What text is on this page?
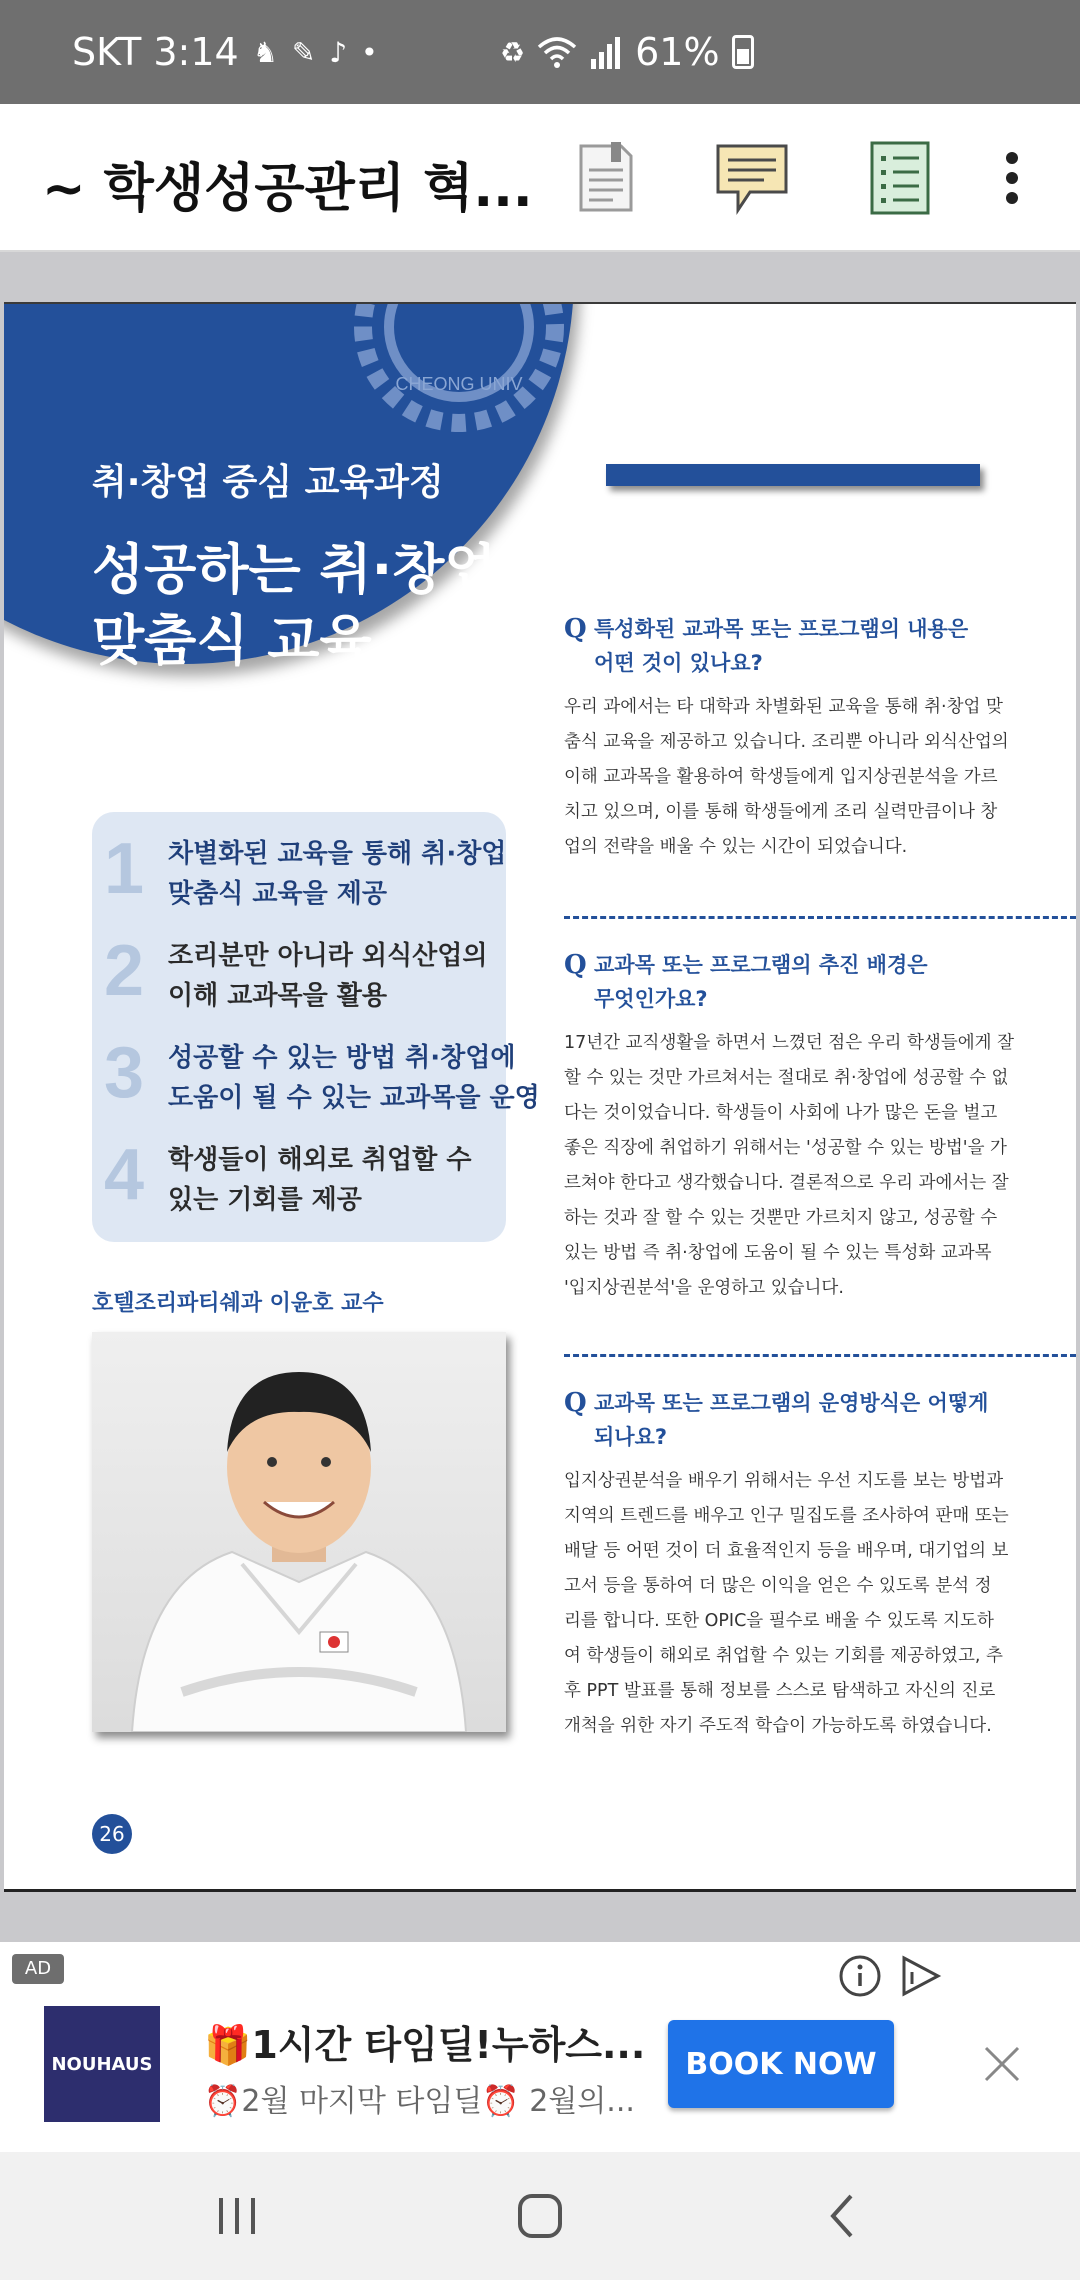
SKT 3:14 ♞ ✎ ♪ •	♻	61%
~ 학생성공관리 혁...
CHEONG UNIV
취·창업 중심 교육과정
성공하는 취·창업
맞춤식 교육
1 차별화된 교육을 통해 취·창업
맞춤식 교육을 제공
2 조리분만 아니라 외식산업의
이해 교과목을 활용
3 성공할 수 있는 방법 취·창업에
도움이 될 수 있는 교과목을 운영
4 학생들이 해외로 취업할 수
있는 기회를 제공
호텔조리파티쉐과 이윤호 교수
26
Q 특성화된 교과목 또는 프로그램의 내용은
어떤 것이 있나요?
우리 과에서는 타 대학과 차별화된 교육을 통해 취·창업 맞
춤식 교육을 제공하고 있습니다. 조리뿐 아니라 외식산업의
이해 교과목을 활용하여 학생들에게 입지상권분석을 가르
치고 있으며, 이를 통해 학생들에게 조리 실력만큼이나 창
업의 전략을 배울 수 있는 시간이 되었습니다.
Q 교과목 또는 프로그램의 추진 배경은
무엇인가요?
17년간 교직생활을 하면서 느꼈던 점은 우리 학생들에게 잘
할 수 있는 것만 가르쳐서는 절대로 취·창업에 성공할 수 없
다는 것이었습니다. 학생들이 사회에 나가 많은 돈을 벌고
좋은 직장에 취업하기 위해서는 '성공할 수 있는 방법'을 가
르쳐야 한다고 생각했습니다. 결론적으로 우리 과에서는 잘
하는 것과 잘 할 수 있는 것뿐만 가르치지 않고, 성공할 수
있는 방법 즉 취·창업에 도움이 될 수 있는 특성화 교과목
'입지상권분석'을 운영하고 있습니다.
Q 교과목 또는 프로그램의 운영방식은 어떻게
되나요?
입지상권분석을 배우기 위해서는 우선 지도를 보는 방법과
지역의 트렌드를 배우고 인구 밀집도를 조사하여 판매 또는
배달 등 어떤 것이 더 효율적인지 등을 배우며, 대기업의 보
고서 등을 통하여 더 많은 이익을 얻은 수 있도록 분석 정
리를 합니다. 또한 OPIC을 필수로 배울 수 있도록 지도하
여 학생들이 해외로 취업할 수 있는 기회를 제공하였고, 추
후 PPT 발표를 통해 정보를 스스로 탐색하고 자신의 진로
개척을 위한 자기 주도적 학습이 가능하도록 하였습니다.
AD
NOUHAUS 🎁1시간 타임딜!누하스...
⏰2월 마지막 타임딜⏰ 2월의...
BOOK NOW
